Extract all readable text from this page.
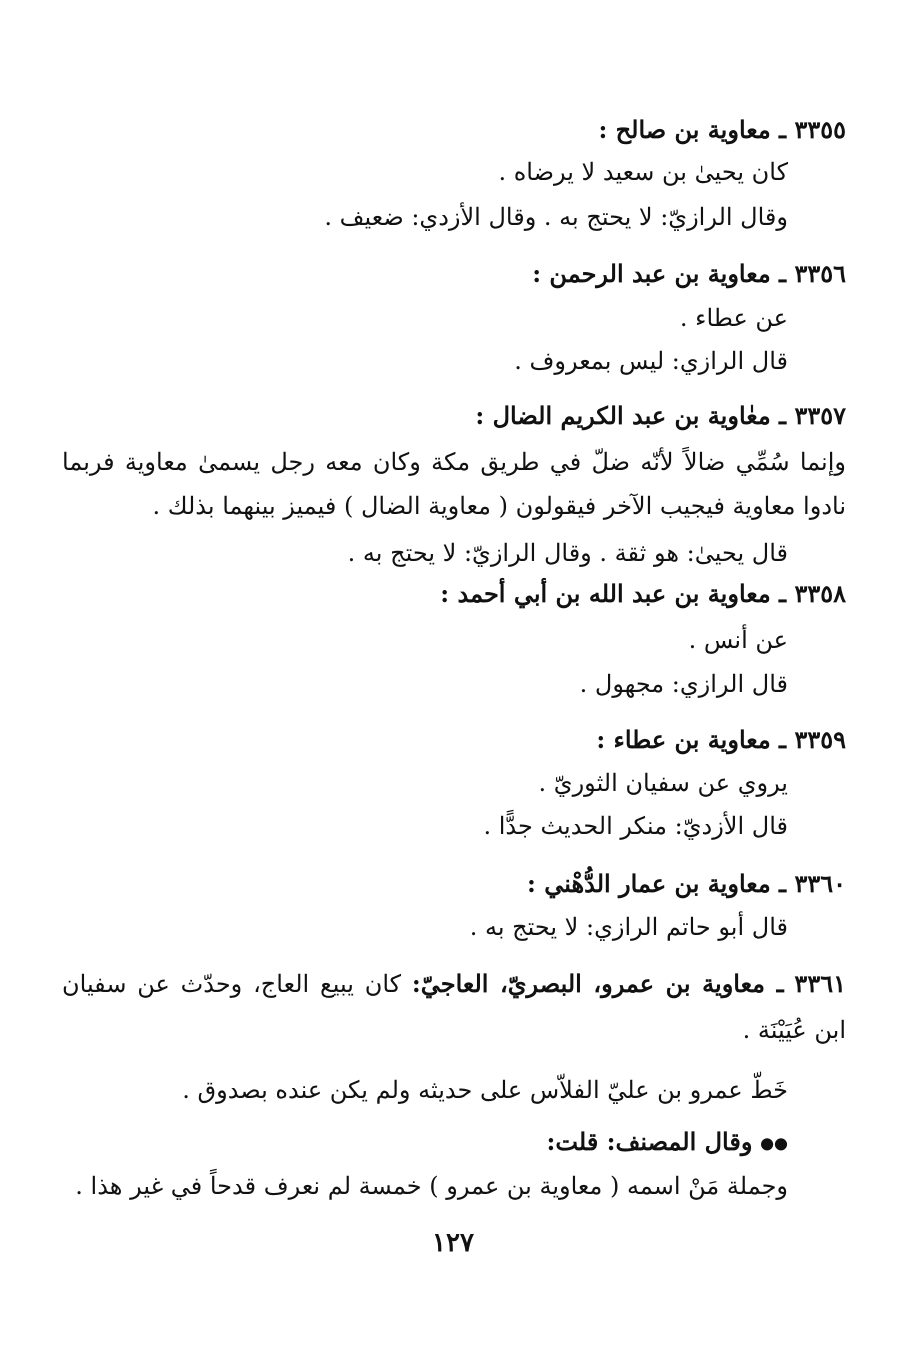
٣٣٥٥ ـ معاوية بن صالح :
كان يحيىٰ بن سعيد لا يرضاه .
وقال الرازيّ: لا يحتج به . وقال الأزدي: ضعيف .
٣٣٥٦ ـ معاوية بن عبد الرحمن :
عن عطاء .
قال الرازي: ليس بمعروف .
٣٣٥٧ ـ معٰاوية بن عبد الكريم الضال :
وإنما سُمِّي ضالاً لأنّه ضلّ في طريق مكة وكان معه رجل يسمىٰ معاوية فربما
نادوا معاوية فيجيب الآخر فيقولون ( معاوية الضال ) فيميز بينهما بذلك .
قال يحيىٰ: هو ثقة . وقال الرازيّ: لا يحتج به .
٣٣٥٨ ـ معاوية بن عبد الله بن أبي أحمد :
عن أنس .
قال الرازي: مجهول .
٣٣٥٩ ـ معاوية بن عطاء :
يروي عن سفيان الثوريّ .
قال الأزديّ: منكر الحديث جدًّا .
٣٣٦٠ ـ معاوية بن عمار الدُّهْني :
قال أبو حاتم الرازي: لا يحتج به .
٣٣٦١ ـ معاوية بن عمرو، البصريّ، العاجيّ: كان يبيع العاج، وحدّث عن سفيان
ابن عُيَيْنَة .
خَطّ عمرو بن عليّ الفلاّس على حديثه ولم يكن عنده بصدوق .
●● وقال المصنف: قلت:
وجملة مَنْ اسمه ( معاوية بن عمرو ) خمسة لم نعرف قدحاً في غير هذا .
١٢٧
